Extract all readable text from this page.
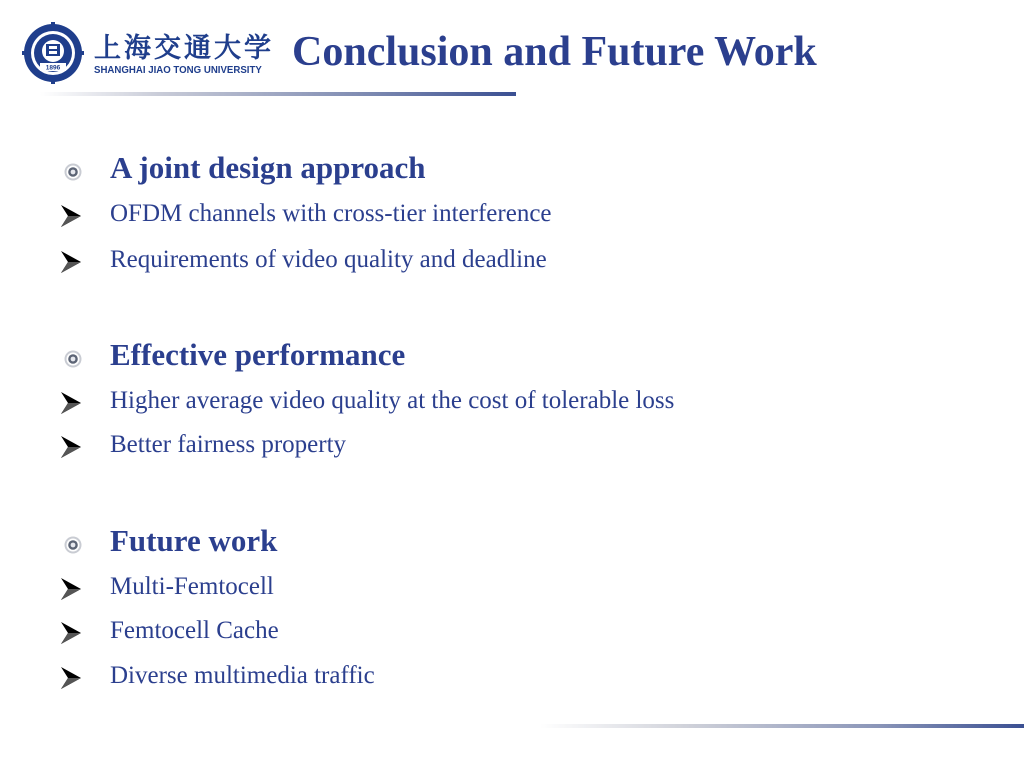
1896
上海交通大学
SHANGHAI JIAO TONG UNIVERSITY Conclusion and Future Work
A joint design approach
OFDM channels with cross-tier interference
Requirements of video quality and deadline
Effective performance
Higher average video quality at the cost of tolerable loss
Better fairness property
Future work
Multi-Femtocell
Femtocell Cache
Diverse multimedia traffic
